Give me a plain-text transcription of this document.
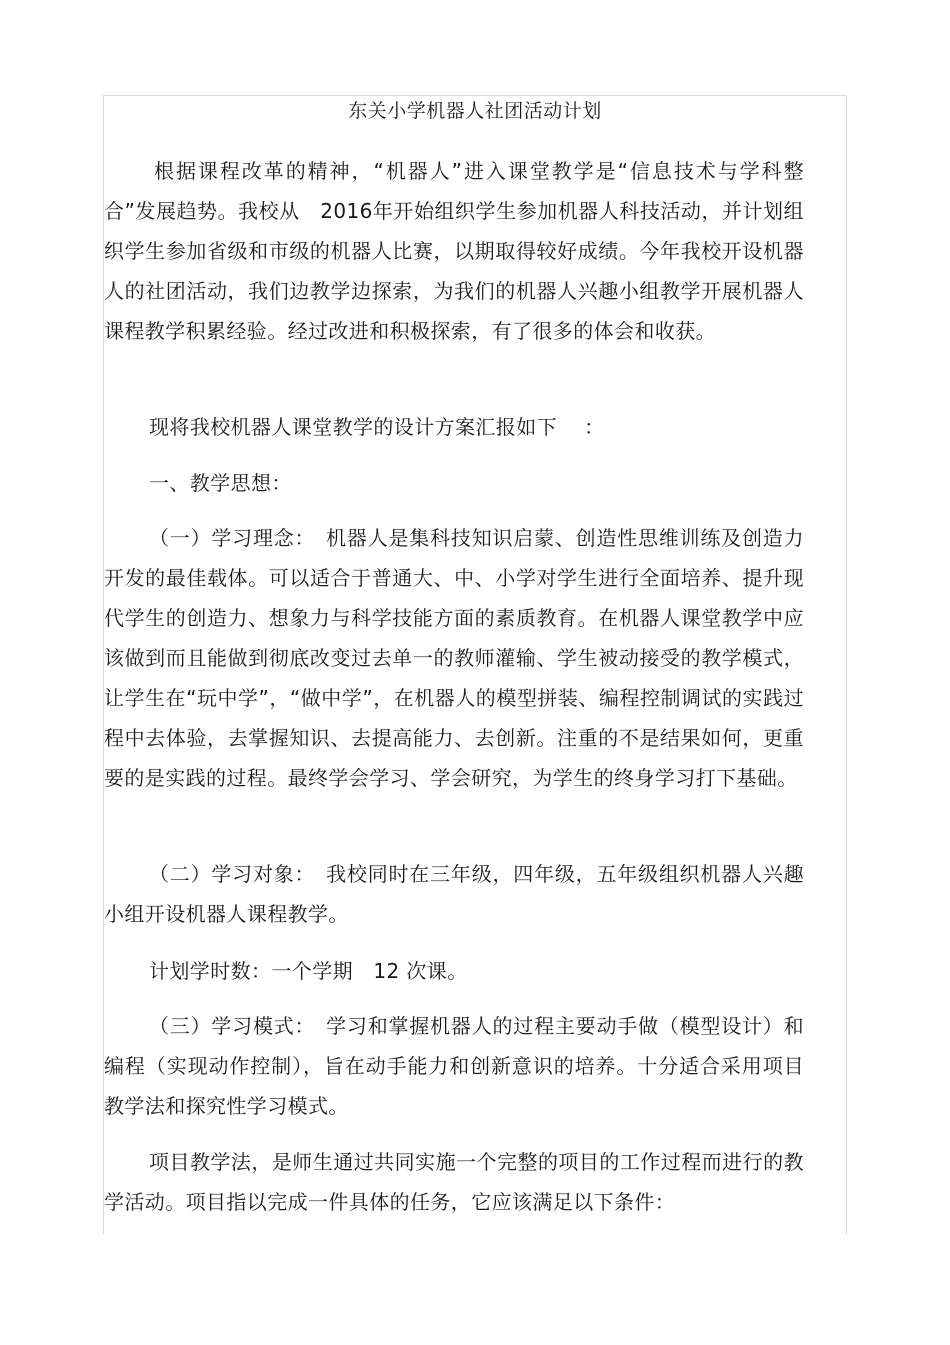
东关小学机器人社团活动计划

根据课程改革的精神，“机器人”进入课堂教学是“信息技术与学科整合”发展趋势。我校从　2016年开始组织学生参加机器人科技活动，并计划组织学生参加省级和市级的机器人比赛，以期取得较好成绩。今年我校开设机器人的社团活动，我们边教学边探索，为我们的机器人兴趣小组教学开展机器人课程教学积累经验。经过改进和积极探索，有了很多的体会和收获。

现将我校机器人课堂教学的设计方案汇报如下　 ：

一、教学思想：

（一）学习理念：　机器人是集科技知识启蒙、创造性思维训练及创造力开发的最佳载体。可以适合于普通大、中、小学对学生进行全面培养、提升现代学生的创造力、想象力与科学技能方面的素质教育。在机器人课堂教学中应该做到而且能做到彻底改变过去单一的教师灌输、学生被动接受的教学模式，让学生在“玩中学”，“做中学”，在机器人的模型拼装、编程控制调试的实践过程中去体验，去掌握知识、去提高能力、去创新。注重的不是结果如何，更重要的是实践的过程。最终学会学习、学会研究，为学生的终身学习打下基础。

（二）学习对象：　我校同时在三年级，四年级，五年级组织机器人兴趣小组开设机器人课程教学。

计划学时数：一个学期　12 次课。

（三）学习模式：　学习和掌握机器人的过程主要动手做（模型设计）和编程（实现动作控制），旨在动手能力和创新意识的培养。十分适合采用项目教学法和探究性学习模式。

项目教学法，是师生通过共同实施一个完整的项目的工作过程而进行的教学活动。项目指以完成一件具体的任务，它应该满足以下条件：
